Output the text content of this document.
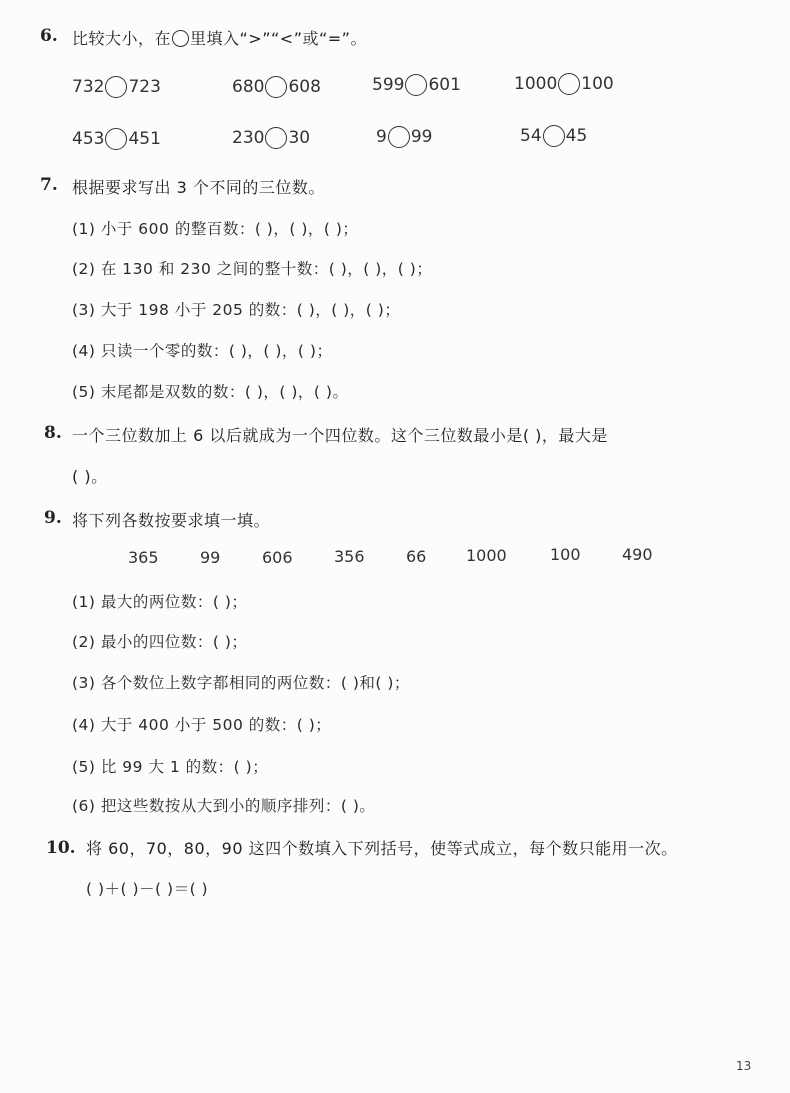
6. 比较大小，在 里填入“>”“<”或“=”。
732 723	680 608	599 601	1000 100
453 451	230 30	9 99	54 45
7. 根据要求写出 3 个不同的三位数。
(1) 小于 600 的整百数：( )，( )，( )；
(2) 在 130 和 230 之间的整十数：( )，( )，( )；
(3) 大于 198 小于 205 的数：( )，( )，( )；
(4) 只读一个零的数：( )，( )，( )；
(5) 末尾都是双数的数：( )，( )，( )。
8. 一个三位数加上 6 以后就成为一个四位数。这个三位数最小是( )，最大是
( )。
9. 将下列各数按要求填一填。
365	99	606	356	66 1000	100	490
(1) 最大的两位数：( )；
(2) 最小的四位数：( )；
(3) 各个数位上数字都相同的两位数：( )和( )；
(4) 大于 400 小于 500 的数：( )；
(5) 比 99 大 1 的数：( )；
(6) 把这些数按从大到小的顺序排列：( )。
10. 将 60，70，80，90 这四个数填入下列括号，使等式成立，每个数只能用一次。
( )＋( )－( )＝( )
13
